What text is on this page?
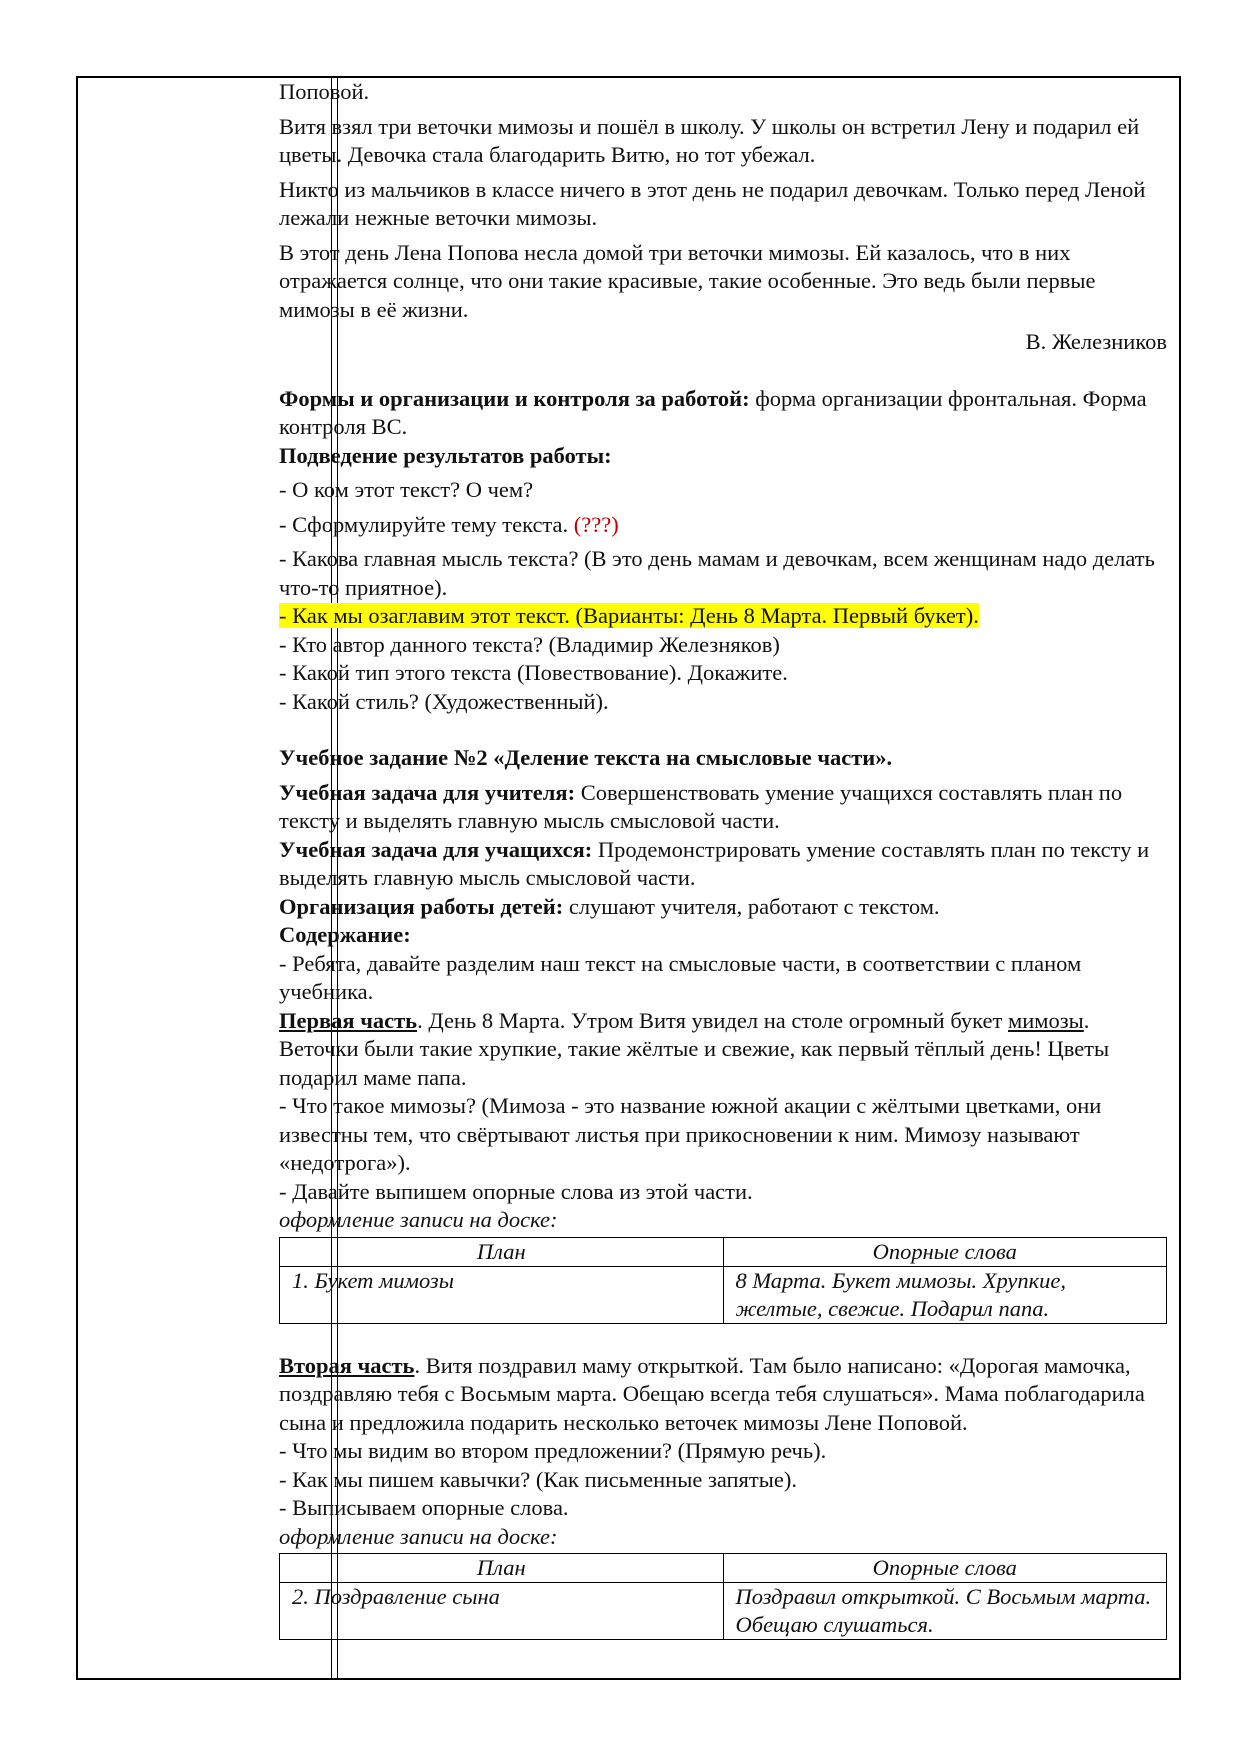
Поповой.

Витя взял три веточки мимозы и пошёл в школу. У школы он встретил Лену и подарил ей цветы. Девочка стала благодарить Витю, но тот убежал.

Никто из мальчиков в классе ничего в этот день не подарил девочкам. Только перед Леной лежали нежные веточки мимозы.

В этот день Лена Попова несла домой три веточки мимозы. Ей казалось, что в них отражается солнце, что они такие красивые, такие особенные. Это ведь были первые мимозы в её жизни.

В. Железников

Формы и организации и контроля за работой: форма организации фронтальная. Форма контроля ВС.

Подведение результатов работы:

- О ком этот текст? О чем?

- Сформулируйте тему текста. (???)

- Какова главная мысль текста? (В это день мамам и девочкам, всем женщинам надо делать что-то приятное).

- Как мы озаглавим этот текст. (Варианты: День 8 Марта. Первый букет).

- Кто автор данного текста? (Владимир Железняков)

- Какой тип этого текста (Повествование). Докажите.

- Какой стиль? (Художественный).

Учебное задание №2 «Деление текста на смысловые части».

Учебная задача для учителя: Совершенствовать умение учащихся составлять план по тексту и выделять главную мысль смысловой части.

Учебная задача для учащихся: Продемонстрировать умение составлять план по тексту и выделять главную мысль смысловой части.

Организация работы детей: слушают учителя, работают с текстом.

Содержание:

- Ребята, давайте разделим наш текст на смысловые части, в соответствии с планом учебника.

Первая часть. День 8 Марта. Утром Витя увидел на столе огромный букет мимозы. Веточки были такие хрупкие, такие жёлтые и свежие, как первый тёплый день! Цветы подарил маме папа.

- Что такое мимозы? (Мимоза - это название южной акации с жёлтыми цветками, они известны тем, что свёртывают листья при прикосновении к ним. Мимозу называют «недотрога»).

- Давайте выпишем опорные слова из этой части.

оформление записи на доске:

План	Опорные слова
1. Букет мимозы	8 Марта. Букет мимозы. Хрупкие, желтые, свежие. Подарил папа.

Вторая часть. Витя поздравил маму открыткой. Там было написано: «Дорогая мамочка, поздравляю тебя с Восьмым марта. Обещаю всегда тебя слушаться». Мама поблагодарила сына и предложила подарить несколько веточек мимозы Лене Поповой.

- Что мы видим во втором предложении? (Прямую речь).

- Как мы пишем кавычки? (Как письменные запятые).

- Выписываем опорные слова.

оформление записи на доске:

План	Опорные слова
2. Поздравление сына	Поздравил открыткой. С Восьмым марта. Обещаю слушаться.
